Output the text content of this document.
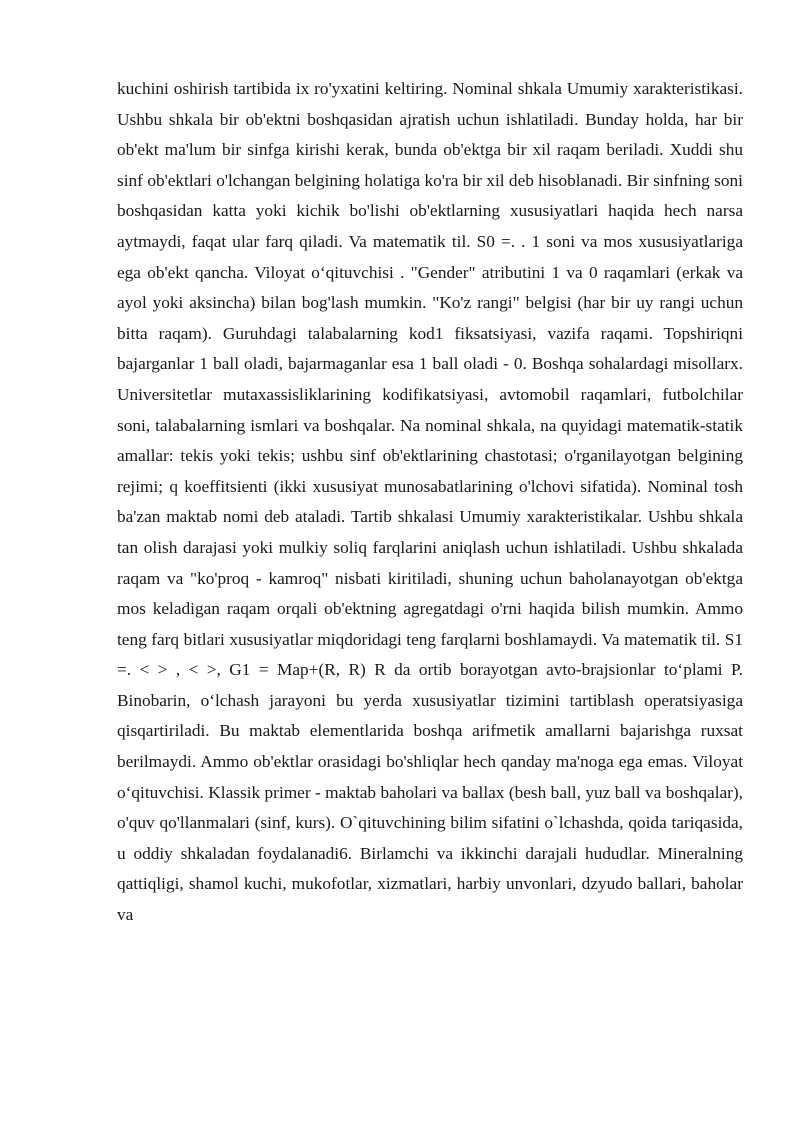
kuchini oshirish tartibida ix ro'yxatini keltiring. Nominal shkala Umumiy xarakteristikasi. Ushbu shkala bir ob'ektni boshqasidan ajratish uchun ishlatiladi. Bunday holda, har bir ob'ekt ma'lum bir sinfga kirishi kerak, bunda ob'ektga bir xil raqam beriladi. Xuddi shu sinf ob'ektlari o'lchangan belgining holatiga ko'ra bir xil deb hisoblanadi. Bir sinfning soni boshqasidan katta yoki kichik bo'lishi ob'ektlarning xususiyatlari haqida hech narsa aytmaydi, faqat ular farq qiladi. Va matematik til. S0 =. . 1 soni va mos xususiyatlariga ega ob'ekt qancha. Viloyat o‘qituvchisi . "Gender" atributini 1 va 0 raqamlari (erkak va ayol yoki aksincha) bilan bog'lash mumkin. "Ko'z rangi" belgisi (har bir uy rangi uchun bitta raqam). Guruhdagi talabalarning kod1 fiksatsiyasi, vazifa raqami. Topshiriqni bajarganlar 1 ball oladi, bajarmaganlar esa 1 ball oladi - 0. Boshqa sohalardagi misollarx. Universitetlar mutaxassisliklarining kodifikatsiyasi, avtomobil raqamlari, futbolchilar soni, talabalarning ismlari va boshqalar. Na nominal shkala, na quyidagi matematik-statik amallar: tekis yoki tekis; ushbu sinf ob'ektlarining chastotasi; o'rganilayotgan belgining rejimi; q koeffitsienti (ikki xususiyat munosabatlarining o'lchovi sifatida). Nominal tosh ba'zan maktab nomi deb ataladi. Tartib shkalasi Umumiy xarakteristikalar. Ushbu shkala tan olish darajasi yoki mulkiy soliq farqlarini aniqlash uchun ishlatiladi. Ushbu shkalada raqam va "ko'proq - kamroq" nisbati kiritiladi, shuning uchun baholanayotgan ob'ektga mos keladigan raqam orqali ob'ektning agregatdagi o'rni haqida bilish mumkin. Ammo teng farq bitlari xususiyatlar miqdoridagi teng farqlarni boshlamaydi. Va matematik til. S1 =. < > , < >, G1 = Map+(R, R) R da ortib borayotgan avto-brajsionlar to‘plami P. Binobarin, o‘lchash jarayoni bu yerda xususiyatlar tizimini tartiblash operatsiyasiga qisqartiriladi. Bu maktab elementlarida boshqa arifmetik amallarni bajarishga ruxsat berilmaydi. Ammo ob'ektlar orasidagi bo'shliqlar hech qanday ma'noga ega emas. Viloyat o‘qituvchisi. Klassik primer - maktab baholari va ballax (besh ball, yuz ball va boshqalar), o'quv qo'llanmalari (sinf, kurs). O`qituvchining bilim sifatini o`lchashda, qoida tariqasida, u oddiy shkaladan foydalanadi6. Birlamchi va ikkinchi darajali hududlar. Mineralning qattiqligi, shamol kuchi, mukofotlar, xizmatlari, harbiy unvonlari, dzyudo ballari, baholar va
